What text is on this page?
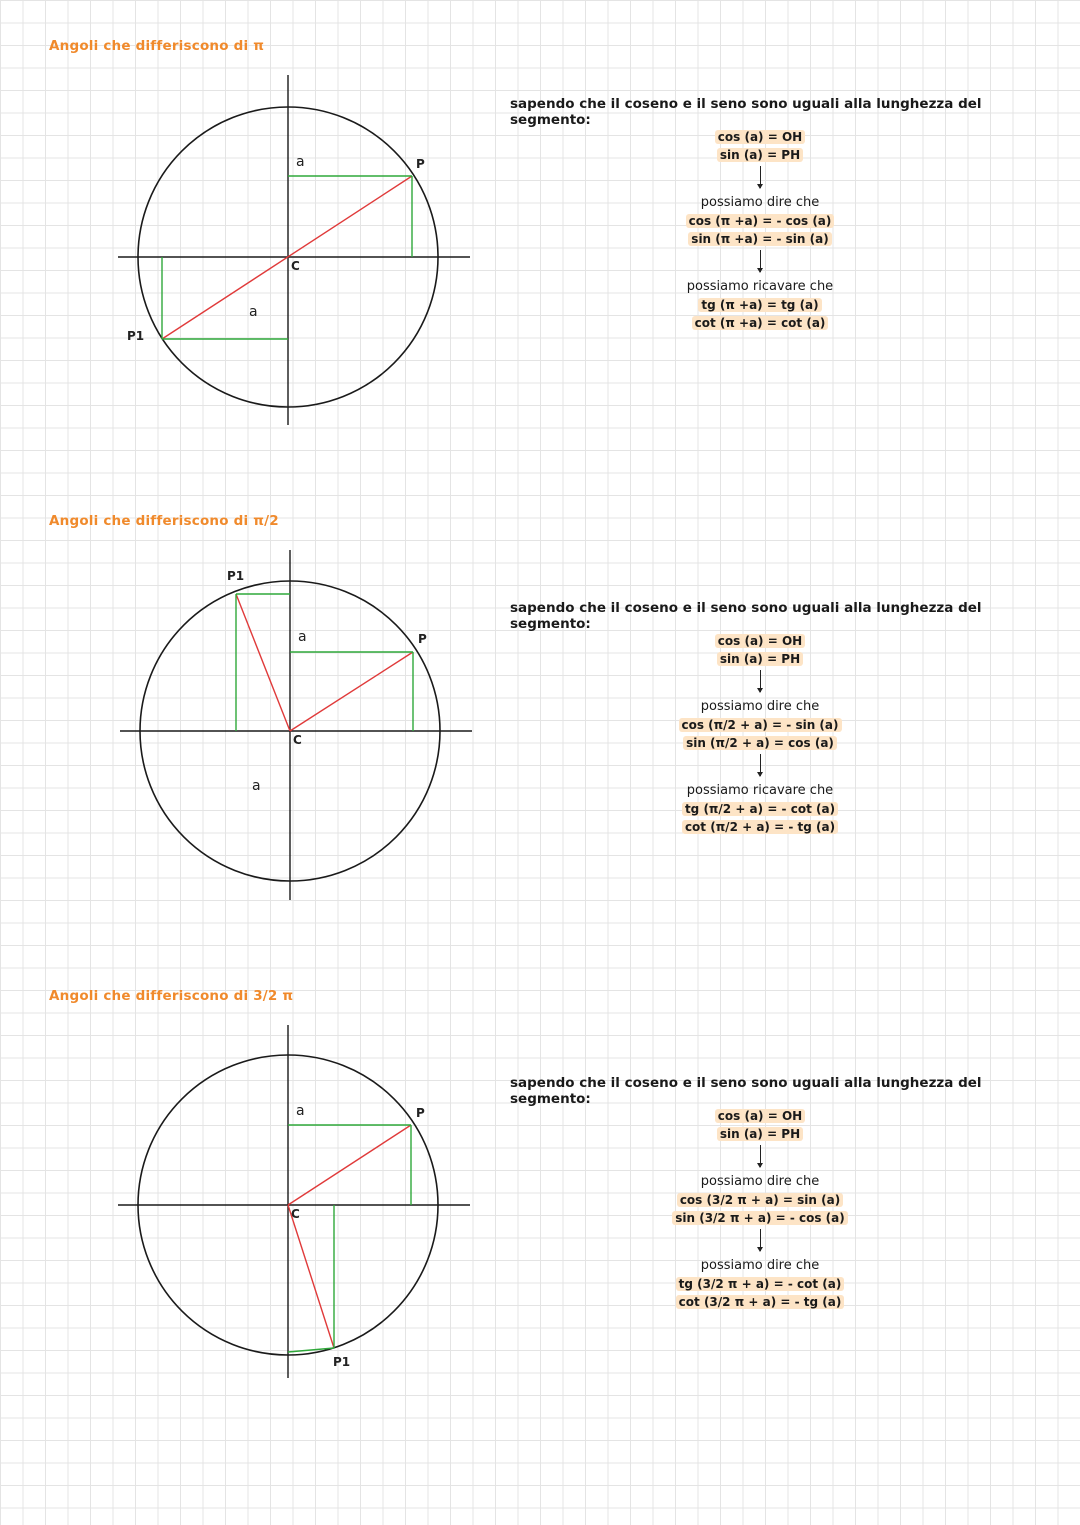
Angoli che differiscono di π
Angoli che differiscono di π/2
Angoli che differiscono di 3/2 π
a
a
C
P
P1
a
a
C
P
P1
a
C
P
P1
sapendo che il coseno e il seno sono uguali alla lunghezza del segmento:
cos (a) = OH
sin (a) = PH
possiamo dire che
cos (π +a) = - cos (a)
sin (π +a) = - sin (a)
possiamo ricavare che
tg (π +a) = tg (a)
cot (π +a) = cot (a)
sapendo che il coseno e il seno sono uguali alla lunghezza del segmento:
cos (a) = OH
sin (a) = PH
possiamo dire che
cos (π/2 + a) = - sin (a)
sin (π/2 + a) = cos (a)
possiamo ricavare che
tg (π/2 + a) = - cot (a)
cot (π/2 + a) = - tg (a)
sapendo che il coseno e il seno sono uguali alla lunghezza del segmento:
cos (a) = OH
sin (a) = PH
possiamo dire che
cos (3/2 π + a) = sin (a)
sin (3/2 π + a) = - cos (a)
possiamo dire che
tg (3/2 π + a) = - cot (a)
cot (3/2 π + a) = - tg (a)
